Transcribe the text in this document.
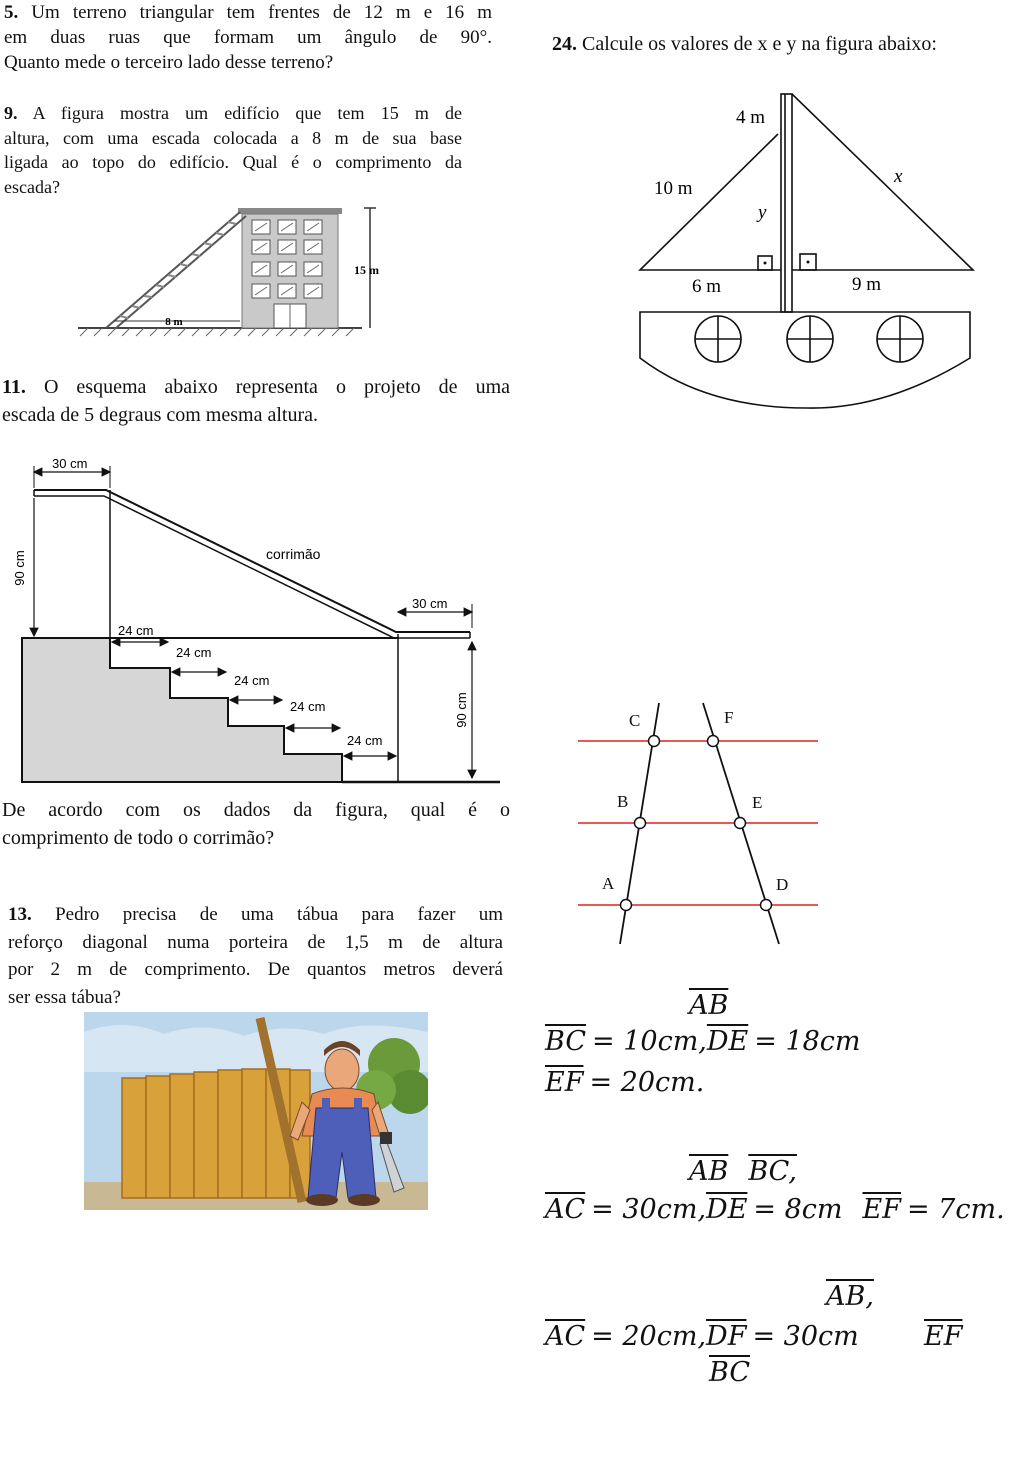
5. Um terreno triangular tem frentes de 12 m e 16 m
em duas ruas que formam um ângulo de 90°.
Quanto mede o terceiro lado desse terreno?
9. A figura mostra um edifício que tem 15 m de
altura, com uma escada colocada a 8 m de sua base
ligada ao topo do edifício. Qual é o comprimento da
escada?
8 m
15 m
11. O esquema abaixo representa o projeto de uma
escada de 5 degraus com mesma altura.
30 cm
90 cm	corrimão
30 cm
90 cm
24 cm
24 cm
24 cm
24 cm
24 cm
De acordo com os dados da figura, qual é o
comprimento de todo o corrimão?
13. Pedro precisa de uma tábua para fazer um
reforço diagonal numa porteira de 1,5 m de altura
por 2 m de comprimento. De quantos metros deverá
ser essa tábua?
24. Calcule os valores de x e y na figura abaixo:
4 m
10 m
y
x
6 m	9 m
A
B
C
D
E
F
$\overline{AB}$
$\overline{BC} = 10cm,\overline{DE} = 18cm$
$\overline{EF} = 20cm$.
$\overline{AB}$ BC,
$\overline{AC} = 30cm,\overline{DE} = 8cm$ $\overline{EF} = 7cm$.
AB,
$\overline{AC} = 20cm,\overline{DF} = 30cm$ $\overline{EF}$
$\overline{BC}$
